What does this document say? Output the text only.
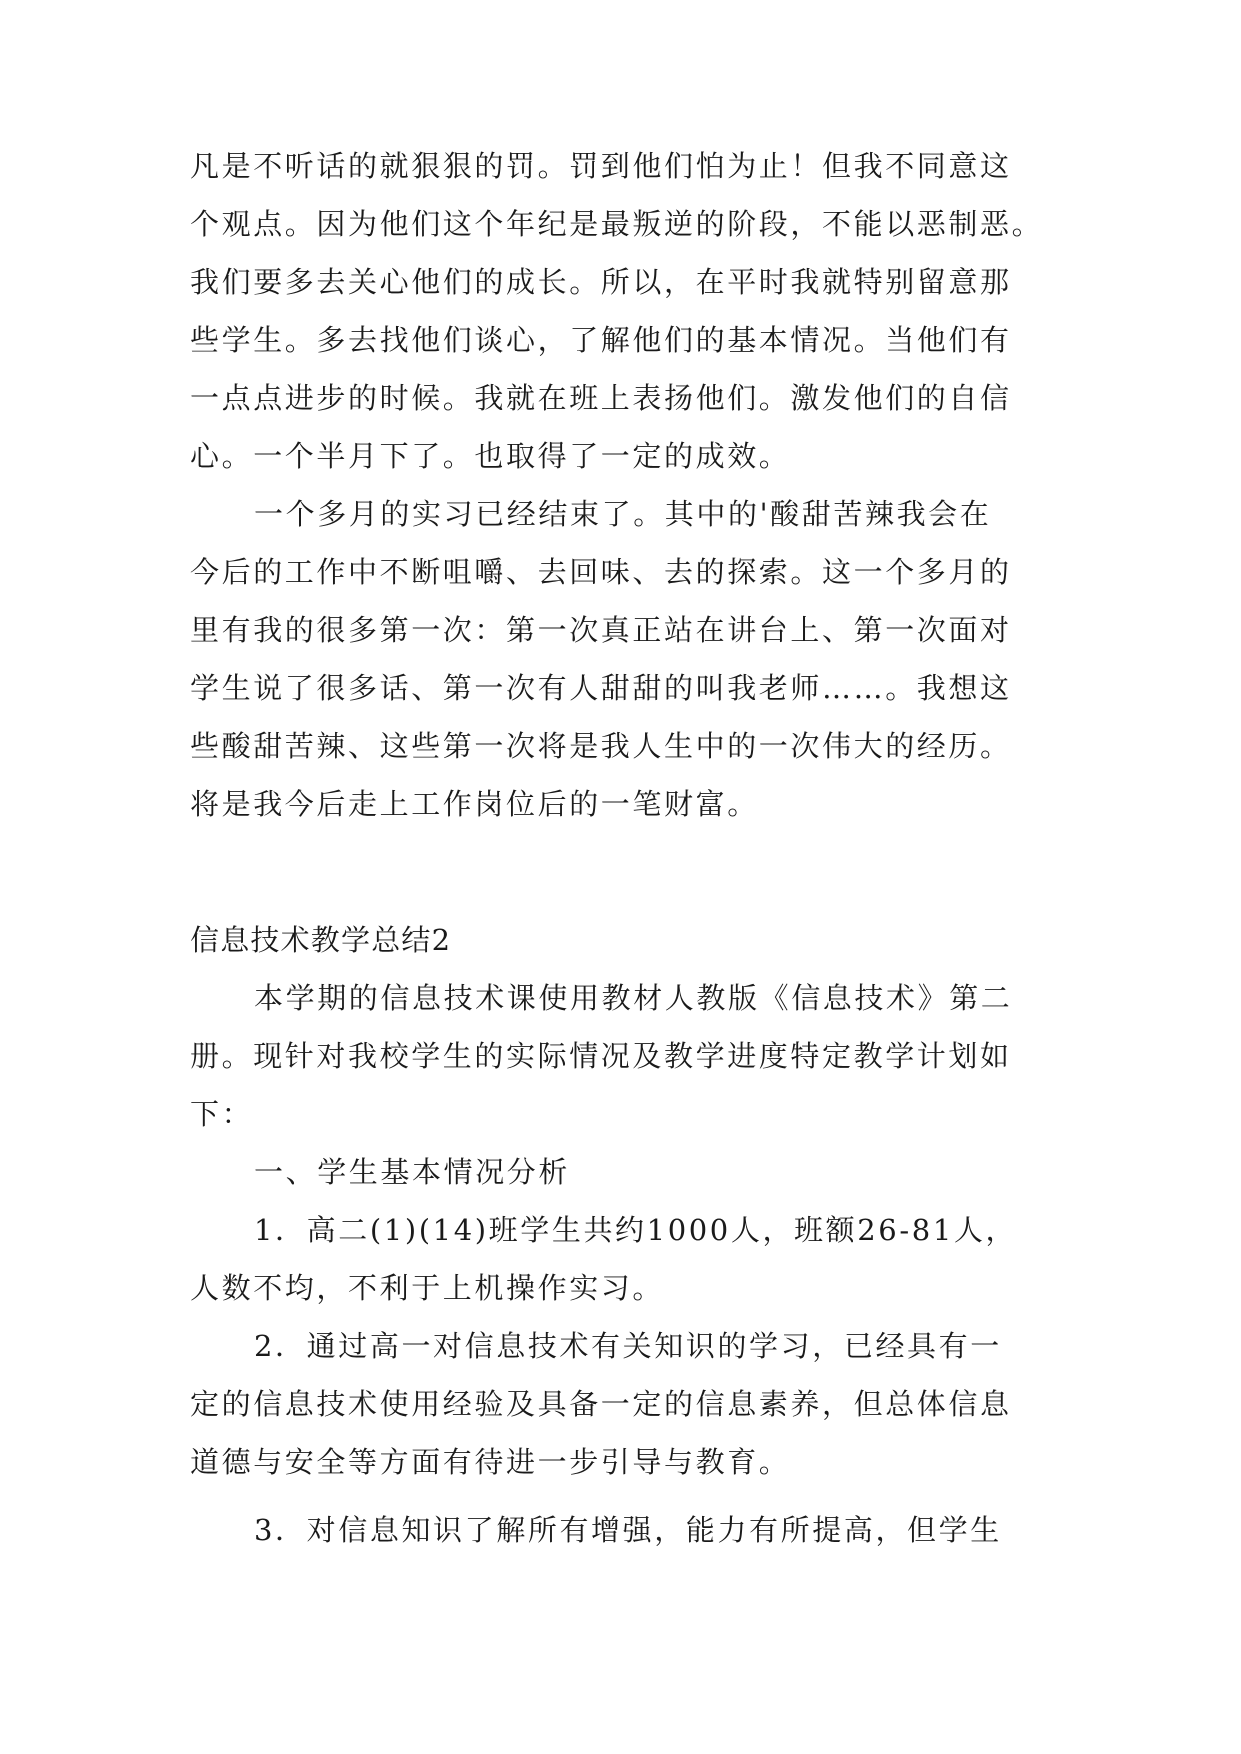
凡是不听话的就狠狠的罚。罚到他们怕为止！但我不同意这
个观点。因为他们这个年纪是最叛逆的阶段，不能以恶制恶。
我们要多去关心他们的成长。所以，在平时我就特别留意那
些学生。多去找他们谈心，了解他们的基本情况。当他们有
一点点进步的时候。我就在班上表扬他们。激发他们的自信
心。一个半月下了。也取得了一定的成效。
一个多月的实习已经结束了。其中的'酸甜苦辣我会在
今后的工作中不断咀嚼、去回味、去的探索。这一个多月的
里有我的很多第一次：第一次真正站在讲台上、第一次面对
学生说了很多话、第一次有人甜甜的叫我老师……。我想这
些酸甜苦辣、这些第一次将是我人生中的一次伟大的经历。
将是我今后走上工作岗位后的一笔财富。
信息技术教学总结2
本学期的信息技术课使用教材人教版《信息技术》第二
册。现针对我校学生的实际情况及教学进度特定教学计划如
下：
一、学生基本情况分析
1．高二(1)(14)班学生共约1000人，班额26-81人，
人数不均，不利于上机操作实习。
2．通过高一对信息技术有关知识的学习，已经具有一
定的信息技术使用经验及具备一定的信息素养，但总体信息
道德与安全等方面有待进一步引导与教育。
3．对信息知识了解所有增强，能力有所提高，但学生
